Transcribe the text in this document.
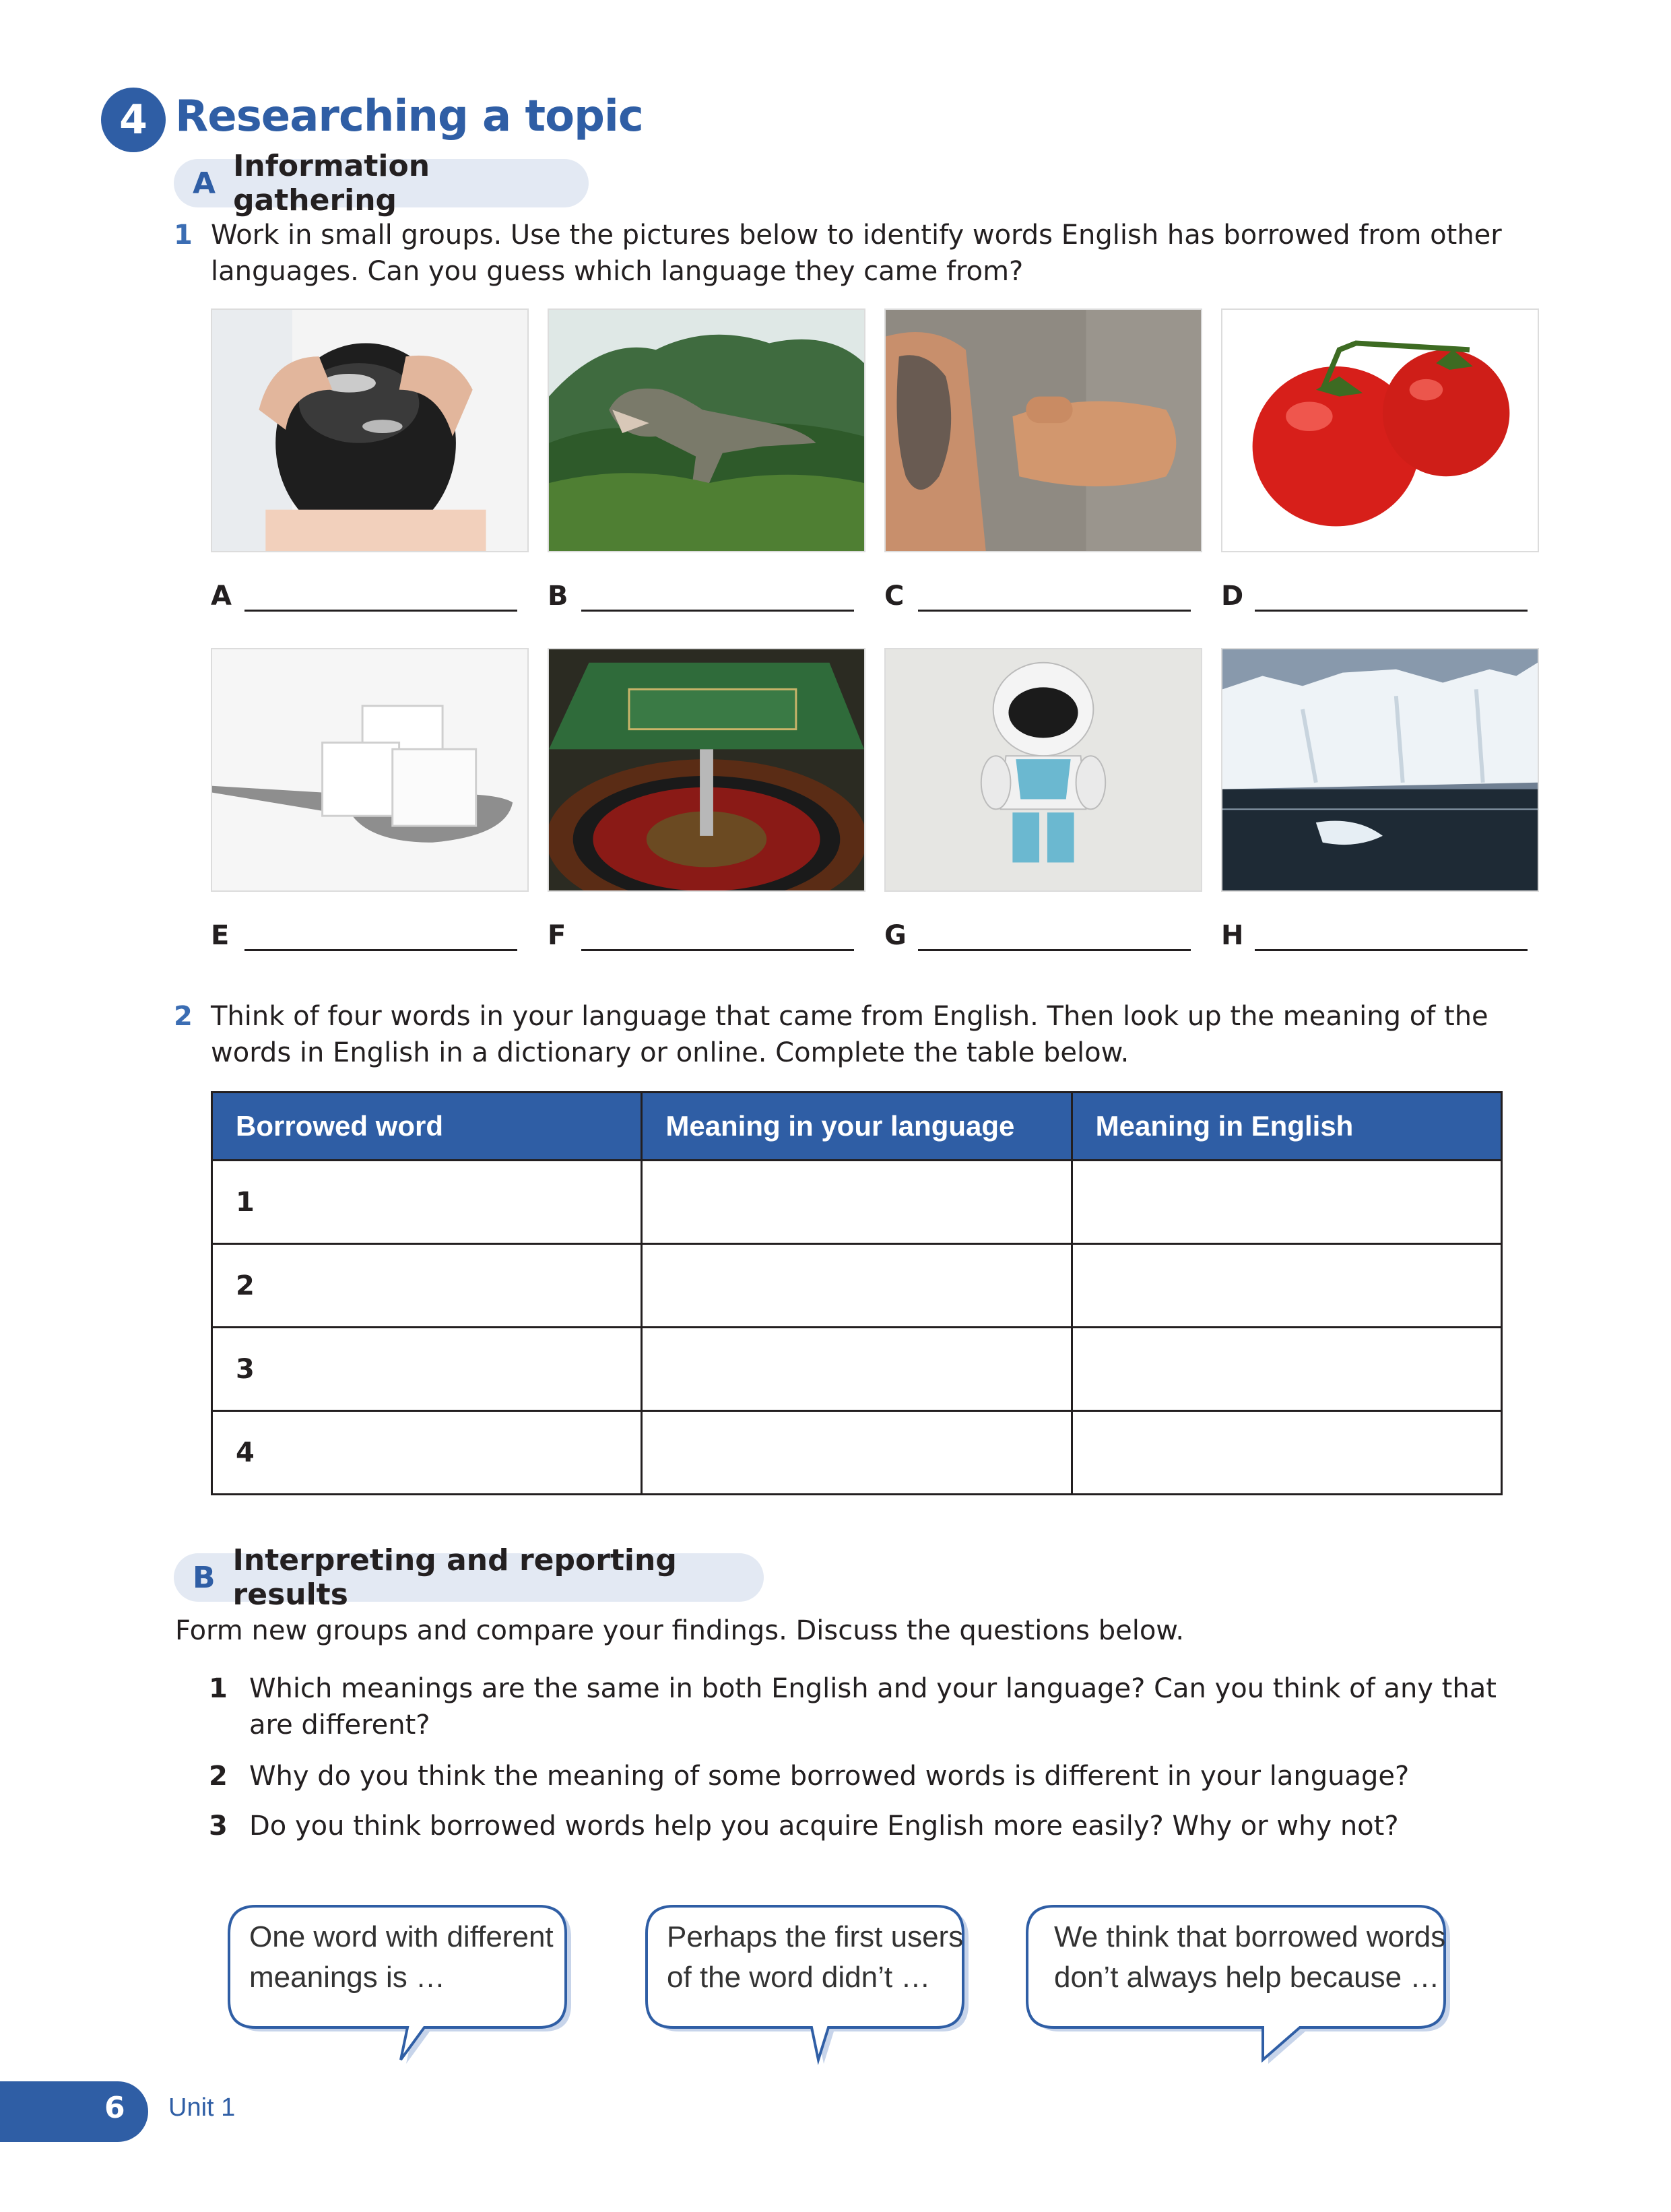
4 Researching a topic
A Information gathering
1 Work in small groups. Use the pictures below to identify words English has borrowed from other
languages. Can you guess which language they came from?
A	B	C	D
E	F	G	H
2 Think of four words in your language that came from English. Then look up the meaning of the
words in English in a dictionary or online. Complete the table below.
Borrowed word	Meaning in your language	Meaning in English
1		
2		
3		
4		
B Interpreting and reporting results
Form new groups and compare your findings. Discuss the questions below.
1 Which meanings are the same in both English and your language? Can you think of any that
are different?
2 Why do you think the meaning of some borrowed words is different in your language?
3 Do you think borrowed words help you acquire English more easily? Why or why not?
One word with different
meanings is …
Perhaps the first users
of the word didn’t …
We think that borrowed words
don’t always help because …
6 Unit 1
